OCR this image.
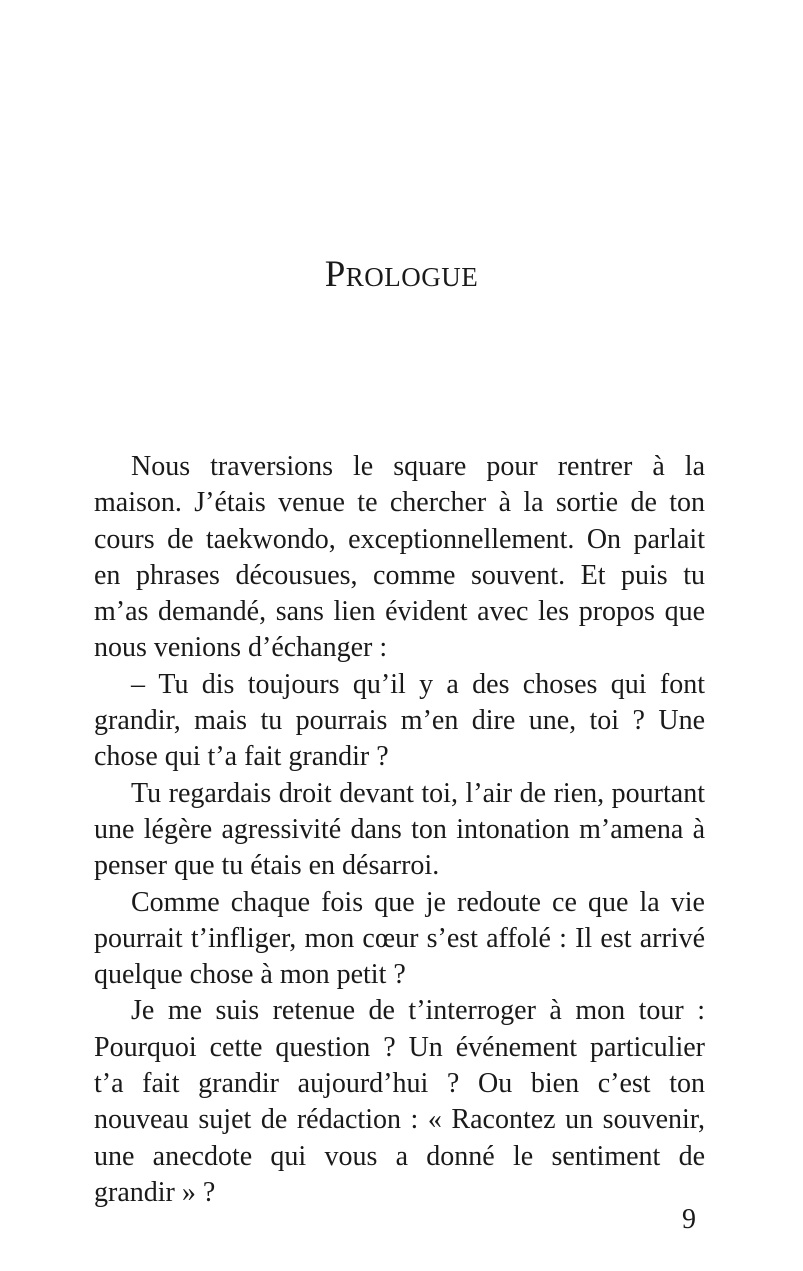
PROLOGUE

Nous traversions le square pour rentrer à la maison. J’étais venue te chercher à la sortie de ton cours de taekwondo, exceptionnellement. On parlait en phrases décousues, comme souvent. Et puis tu m’as demandé, sans lien évident avec les propos que nous venions d’échanger :

– Tu dis toujours qu’il y a des choses qui font grandir, mais tu pourrais m’en dire une, toi ? Une chose qui t’a fait grandir ?

Tu regardais droit devant toi, l’air de rien, pourtant une légère agressivité dans ton intonation m’amena à penser que tu étais en désarroi.

Comme chaque fois que je redoute ce que la vie pourrait t’infliger, mon cœur s’est affolé : Il est arrivé quelque chose à mon petit ?

Je me suis retenue de t’interroger à mon tour : Pourquoi cette question ? Un événement particulier t’a fait grandir aujourd’hui ? Ou bien c’est ton nouveau sujet de rédaction : « Racontez un souvenir, une anecdote qui vous a donné le sentiment de grandir » ?

9
